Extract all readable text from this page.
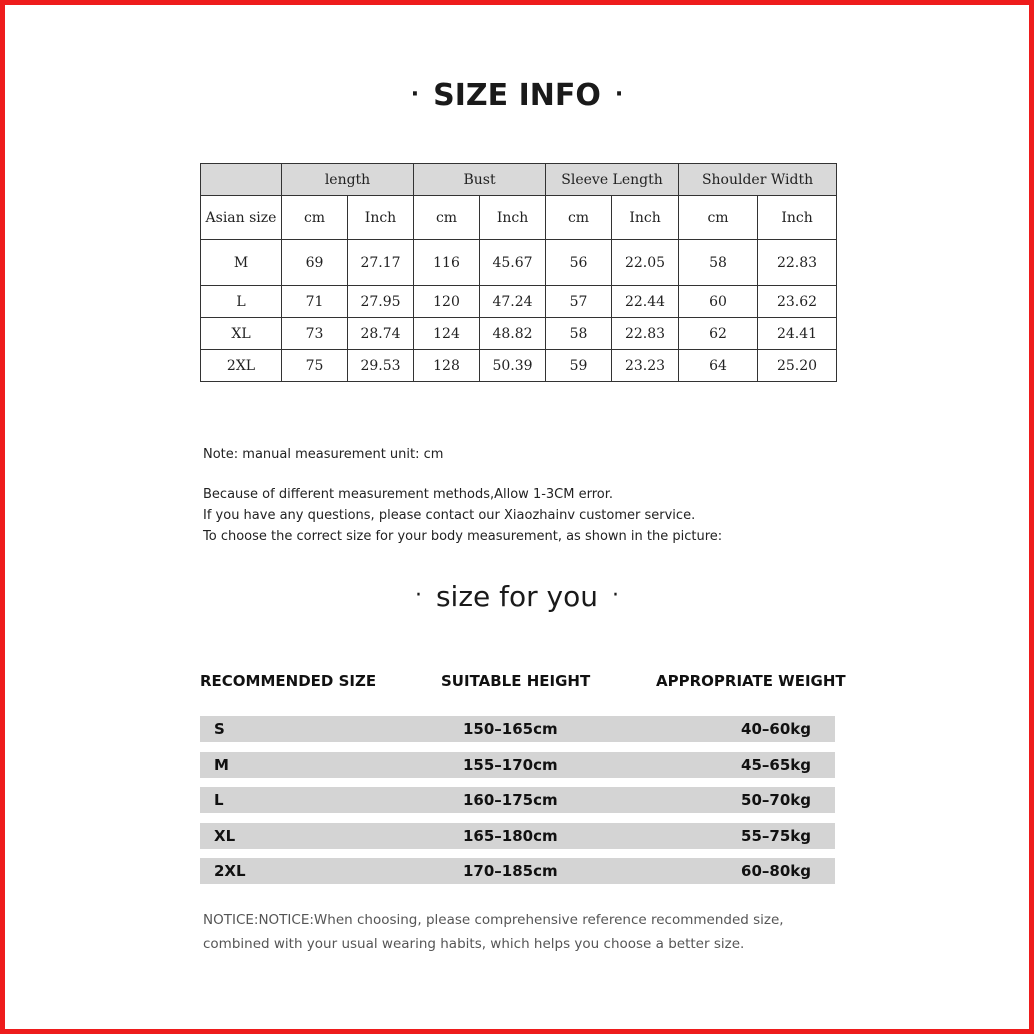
· SIZE INFO ·
	length		Bust		Sleeve Length		Shoulder Width	
Asian size	cm	Inch	cm	Inch	cm	Inch	cm	Inch
M	69	27.17	116	45.67	56	22.05	58	22.83
L	71	27.95	120	47.24	57	22.44	60	23.62
XL	73	28.74	124	48.82	58	22.83	62	24.41
2XL	75	29.53	128	50.39	59	23.23	64	25.20
Note: manual measurement unit: cm
Because of different measurement methods,Allow 1-3CM error.
If you have any questions, please contact our Xiaozhainv customer service.
To choose the correct size for your body measurement, as shown in the picture:
· size for you ·
RECOMMENDED SIZE	SUITABLE HEIGHT	APPROPRIATE WEIGHT
S	150–165cm	40–60kg
M	155–170cm	45–65kg
L	160–175cm	50–70kg
XL	165–180cm	55–75kg
2XL	170–185cm	60–80kg
NOTICE:NOTICE:When choosing, please comprehensive reference recommended size,
combined with your usual wearing habits, which helps you choose a better size.
